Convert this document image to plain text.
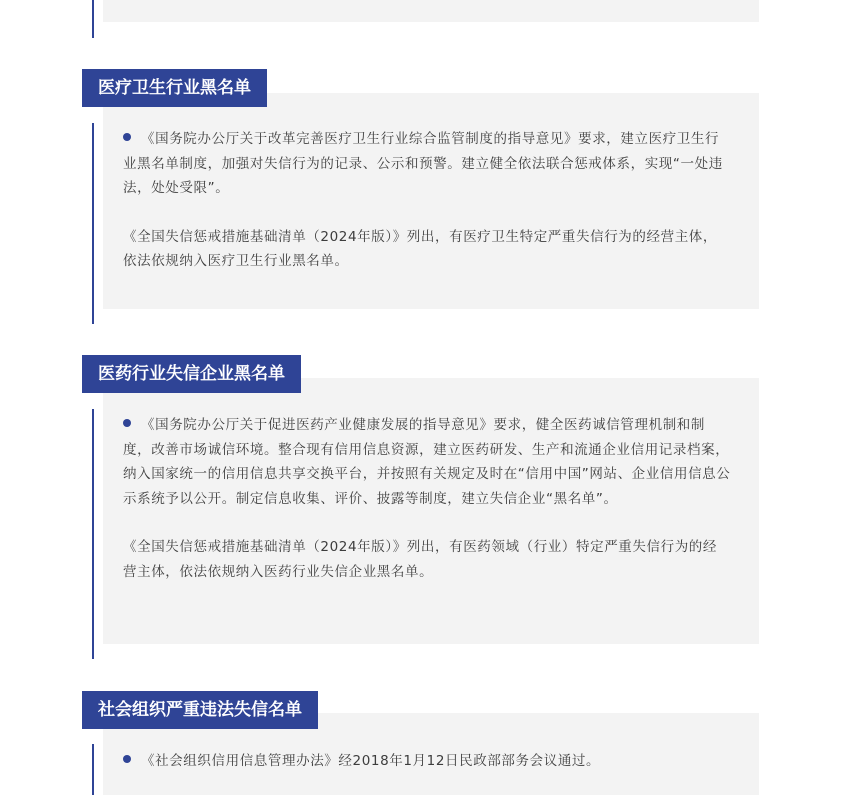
医疗卫生行业黑名单

《国务院办公厅关于改革完善医疗卫生行业综合监管制度的指导意见》要求，建立医疗卫生行业黑名单制度，加强对失信行为的记录、公示和预警。建立健全依法联合惩戒体系，实现“一处违法，处处受限”。

《全国失信惩戒措施基础清单（2024年版）》列出，有医疗卫生特定严重失信行为的经营主体，依法依规纳入医疗卫生行业黑名单。

医药行业失信企业黑名单

《国务院办公厅关于促进医药产业健康发展的指导意见》要求，健全医药诚信管理机制和制度，改善市场诚信环境。整合现有信用信息资源，建立医药研发、生产和流通企业信用记录档案，纳入国家统一的信用信息共享交换平台，并按照有关规定及时在“信用中国”网站、企业信用信息公示系统予以公开。制定信息收集、评价、披露等制度，建立失信企业“黑名单”。

《全国失信惩戒措施基础清单（2024年版）》列出，有医药领域（行业）特定严重失信行为的经营主体，依法依规纳入医药行业失信企业黑名单。

社会组织严重违法失信名单

《社会组织信用信息管理办法》经2018年1月12日民政部部务会议通过。
